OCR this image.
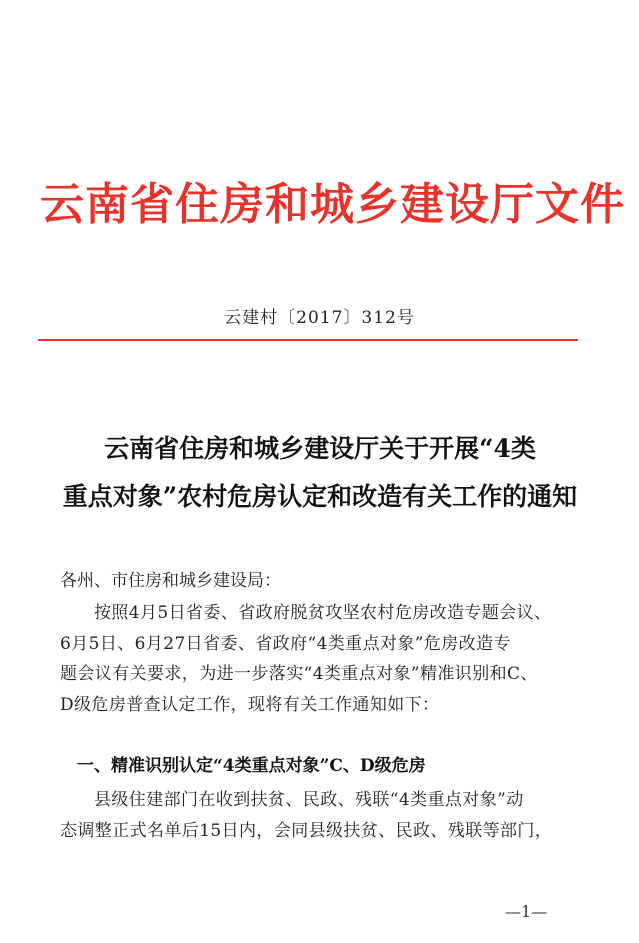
云南省住房和城乡建设厅文件
云建村〔2017〕312号
云南省住房和城乡建设厅关于开展“4类
重点对象”农村危房认定和改造有关工作的通知
各州、市住房和城乡建设局：
按照4月5日省委、省政府脱贫攻坚农村危房改造专题会议、
6月5日、6月27日省委、省政府“4类重点对象”危房改造专
题会议有关要求，为进一步落实“4类重点对象”精准识别和C、
D级危房普查认定工作，现将有关工作通知如下：
一、精准识别认定“4类重点对象”C、D级危房
县级住建部门在收到扶贫、民政、残联“4类重点对象”动
态调整正式名单后15日内，会同县级扶贫、民政、残联等部门，
—1—
